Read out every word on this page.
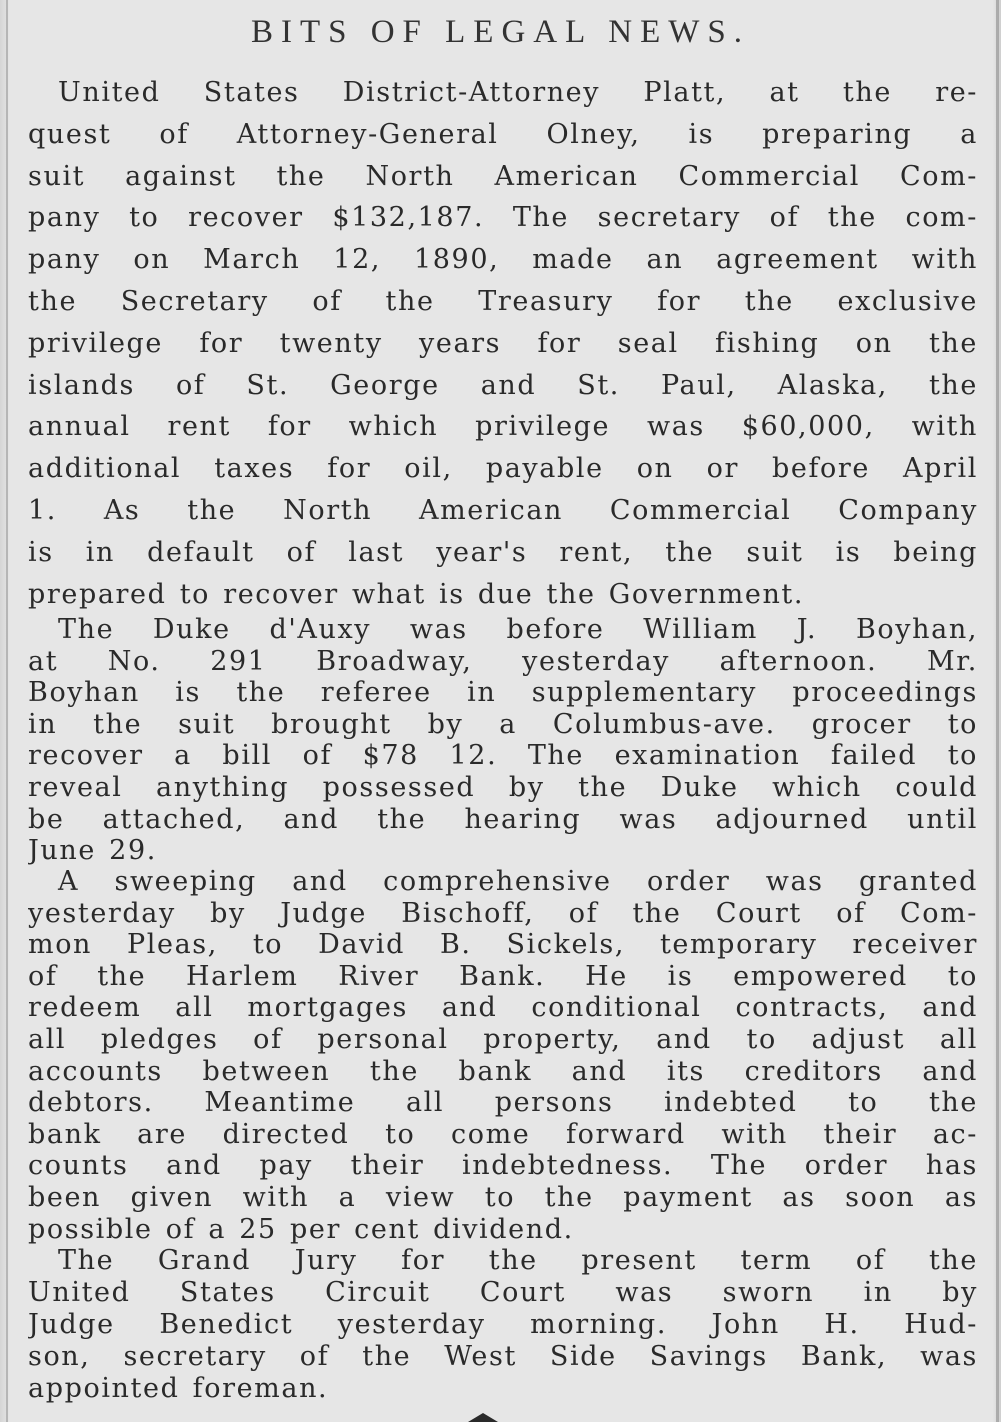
BITS OF LEGAL NEWS.
United States District-Attorney Platt, at the re-
quest of Attorney-General Olney, is preparing a
suit against the North American Commercial Com-
pany to recover $132,187. The secretary of the com-
pany on March 12, 1890, made an agreement with
the Secretary of the Treasury for the exclusive
privilege for twenty years for seal fishing on the
islands of St. George and St. Paul, Alaska, the
annual rent for which privilege was $60,000, with
additional taxes for oil, payable on or before April
1. As the North American Commercial Company
is in default of last year's rent, the suit is being
prepared to recover what is due the Government.
The Duke d'Auxy was before William J. Boyhan,
at No. 291 Broadway, yesterday afternoon. Mr.
Boyhan is the referee in supplementary proceedings
in the suit brought by a Columbus-ave. grocer to
recover a bill of $78 12. The examination failed to
reveal anything possessed by the Duke which could
be attached, and the hearing was adjourned until
June 29.
A sweeping and comprehensive order was granted
yesterday by Judge Bischoff, of the Court of Com-
mon Pleas, to David B. Sickels, temporary receiver
of the Harlem River Bank. He is empowered to
redeem all mortgages and conditional contracts, and
all pledges of personal property, and to adjust all
accounts between the bank and its creditors and
debtors. Meantime all persons indebted to the
bank are directed to come forward with their ac-
counts and pay their indebtedness. The order has
been given with a view to the payment as soon as
possible of a 25 per cent dividend.
The Grand Jury for the present term of the
United States Circuit Court was sworn in by
Judge Benedict yesterday morning. John H. Hud-
son, secretary of the West Side Savings Bank, was
appointed foreman.
